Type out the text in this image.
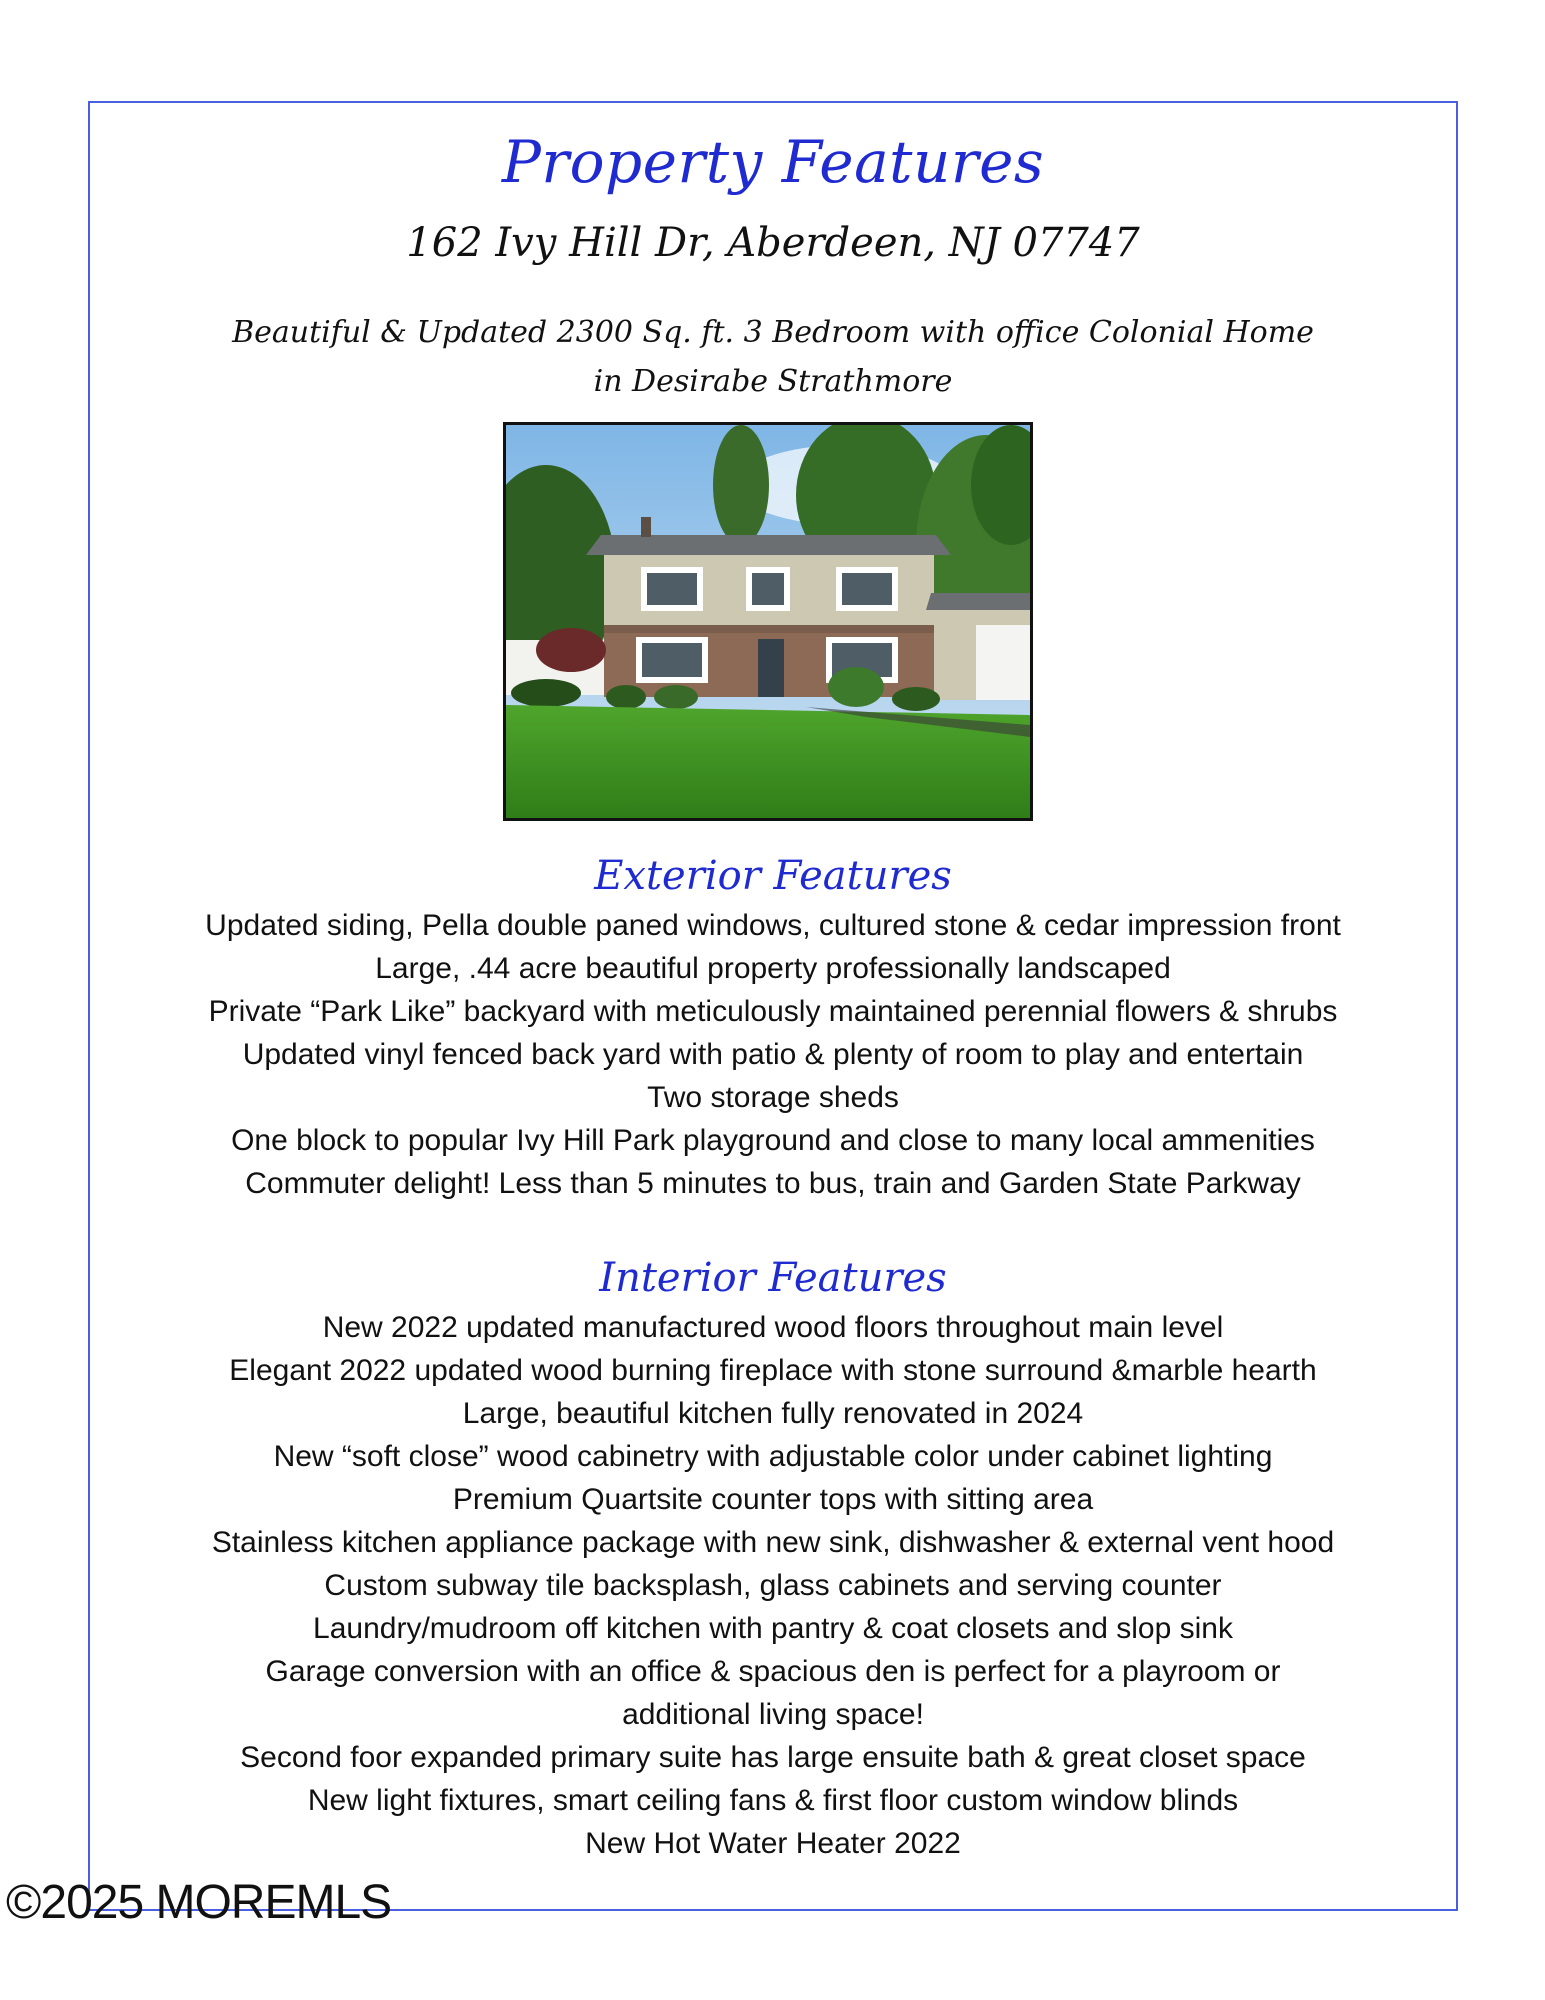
Property Features
162 Ivy Hill Dr, Aberdeen, NJ 07747
Beautiful & Updated 2300 Sq. ft. 3 Bedroom with office Colonial Home
in Desirabe Strathmore
Exterior Features
Updated siding, Pella double paned windows, cultured stone & cedar impression front
Large, .44 acre beautiful property professionally landscaped
Private “Park Like” backyard with meticulously maintained perennial flowers & shrubs
Updated vinyl fenced back yard with patio & plenty of room to play and entertain
Two storage sheds
One block to popular Ivy Hill Park playground and close to many local ammenities
Commuter delight! Less than 5 minutes to bus, train and Garden State Parkway
Interior Features
New 2022 updated manufactured wood floors throughout main level
Elegant 2022 updated wood burning fireplace with stone surround &marble hearth
Large, beautiful kitchen fully renovated in 2024
New “soft close” wood cabinetry with adjustable color under cabinet lighting
Premium Quartsite counter tops with sitting area
Stainless kitchen appliance package with new sink, dishwasher & external vent hood
Custom subway tile backsplash, glass cabinets and serving counter
Laundry/mudroom off kitchen with pantry & coat closets and slop sink
Garage conversion with an office & spacious den is perfect for a playroom or additional living space!
Second foor expanded primary suite has large ensuite bath & great closet space
New light fixtures, smart ceiling fans & first floor custom window blinds
New Hot Water Heater 2022
©2025 MOREMLS
